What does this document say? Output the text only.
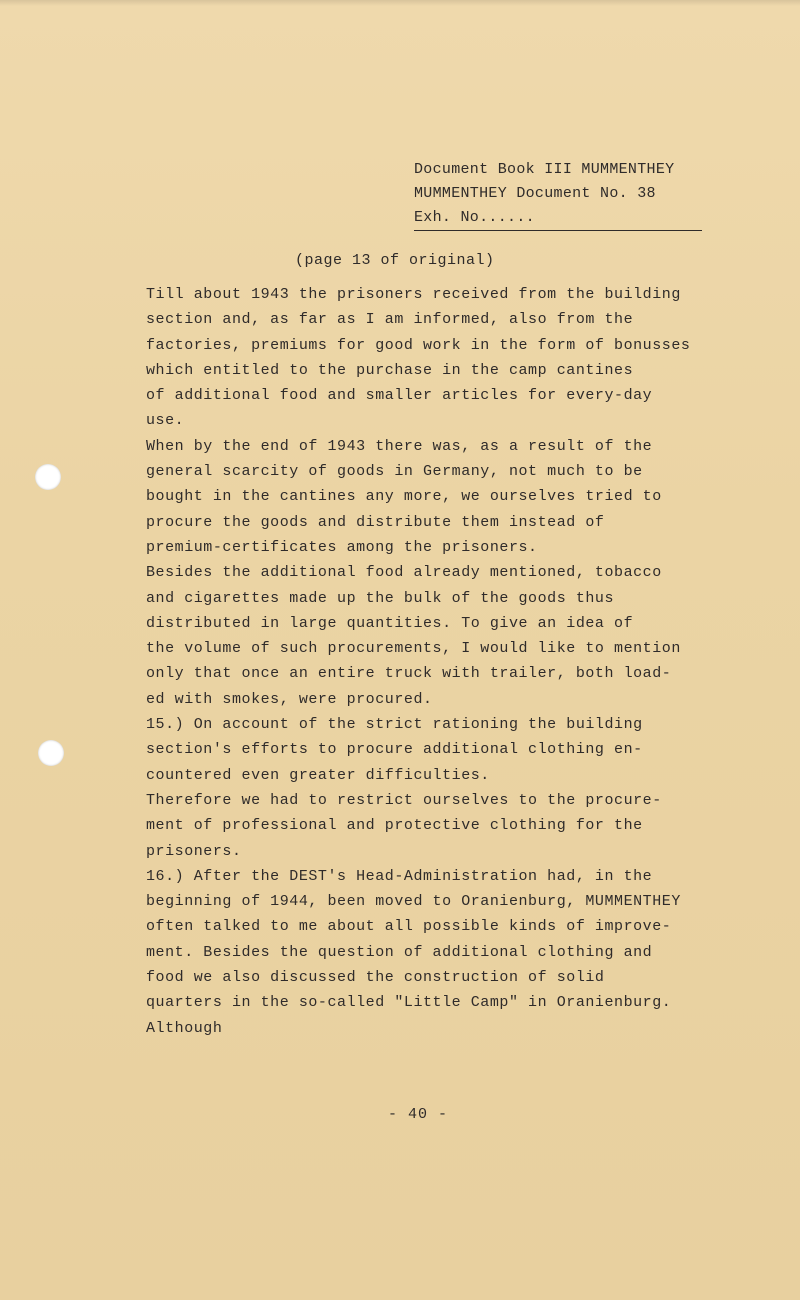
Document Book III MUMMENTHEY
MUMMENTHEY Document No. 38
Exh. No......
(page 13 of original)
Till about 1943 the prisoners received from the building
section and, as far as I am informed, also from the
factories, premiums for good work in the form of bonusses
which entitled to the purchase in the camp cantines
of additional food and smaller articles for every-day
use.
When by the end of 1943 there was, as a result of the
general scarcity of goods in Germany, not much to be
bought in the cantines any more, we ourselves tried to
procure the goods and distribute them instead of
premium-certificates among the prisoners.
Besides the additional food already mentioned, tobacco
and cigarettes made up the bulk of the goods thus
distributed in large quantities. To give an idea of
the volume of such procurements, I would like to mention
only that once an entire truck with trailer, both load-
ed with smokes, were procured.
15.) On account of the strict rationing the building
section's efforts to procure additional clothing en-
countered even greater difficulties.
Therefore we had to restrict ourselves to the procure-
ment of professional and protective clothing for the
prisoners.
16.) After the DEST's Head-Administration had, in the
beginning of 1944, been moved to Oranienburg, MUMMENTHEY
often talked to me about all possible kinds of improve-
ment. Besides the question of additional clothing and
food we also discussed the construction of solid
quarters in the so-called "Little Camp" in Oranienburg.
Although
- 40 -
